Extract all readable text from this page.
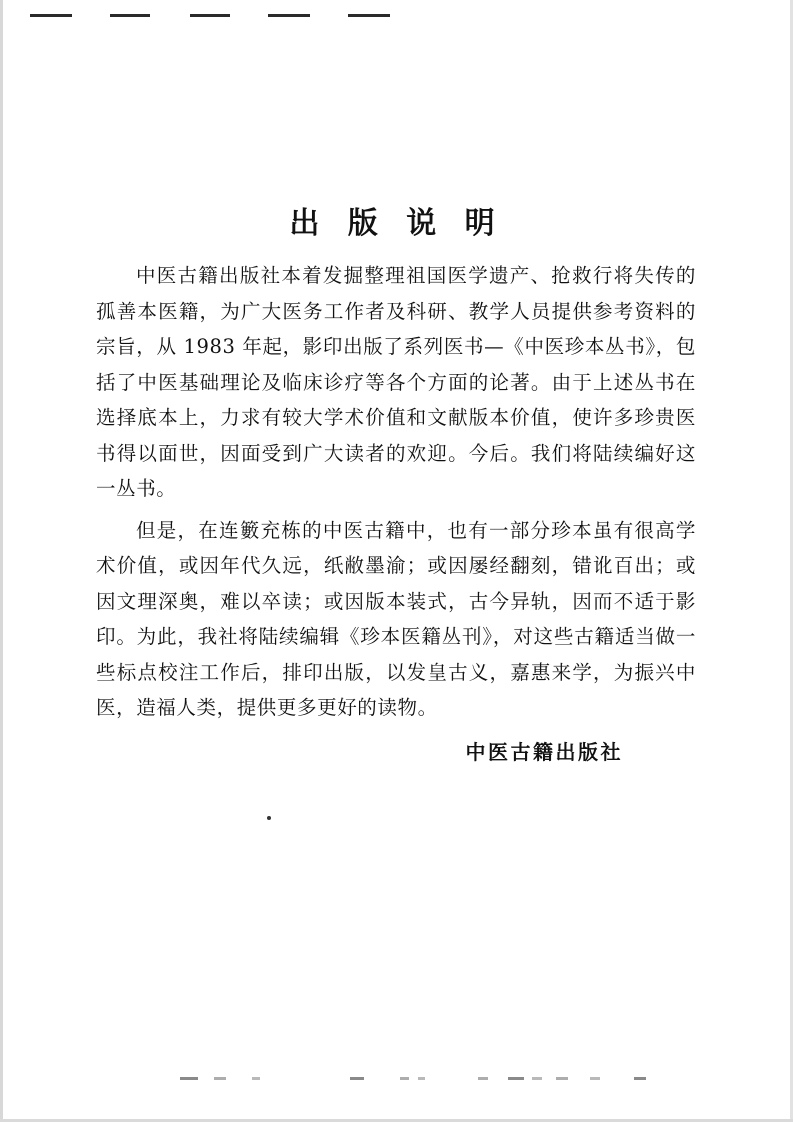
出 版 说 明

中医古籍出版社本着发掘整理祖国医学遗产、抢救行将失传的孤善本医籍，为广大医务工作者及科研、教学人员提供参考资料的宗旨，从 1983 年起，影印出版了系列医书—《中医珍本丛书》，包括了中医基础理论及临床诊疗等各个方面的论著。由于上述丛书在选择底本上，力求有较大学术价值和文献版本价值，使许多珍贵医书得以面世，因面受到广大读者的欢迎。今后。我们将陆续编好这一丛书。

但是，在连籔充栋的中医古籍中，也有一部分珍本虽有很高学术价值，或因年代久远，纸敝墨渝；或因屡经翻刻，错讹百出；或因文理深奥，难以卒读；或因版本装式，古今异轨，因而不适于影印。为此，我社将陆续编辑《珍本医籍丛刊》，对这些古籍适当做一些标点校注工作后，排印出版，以发皇古义，嘉惠来学，为振兴中医，造福人类，提供更多更好的读物。

中医古籍出版社
